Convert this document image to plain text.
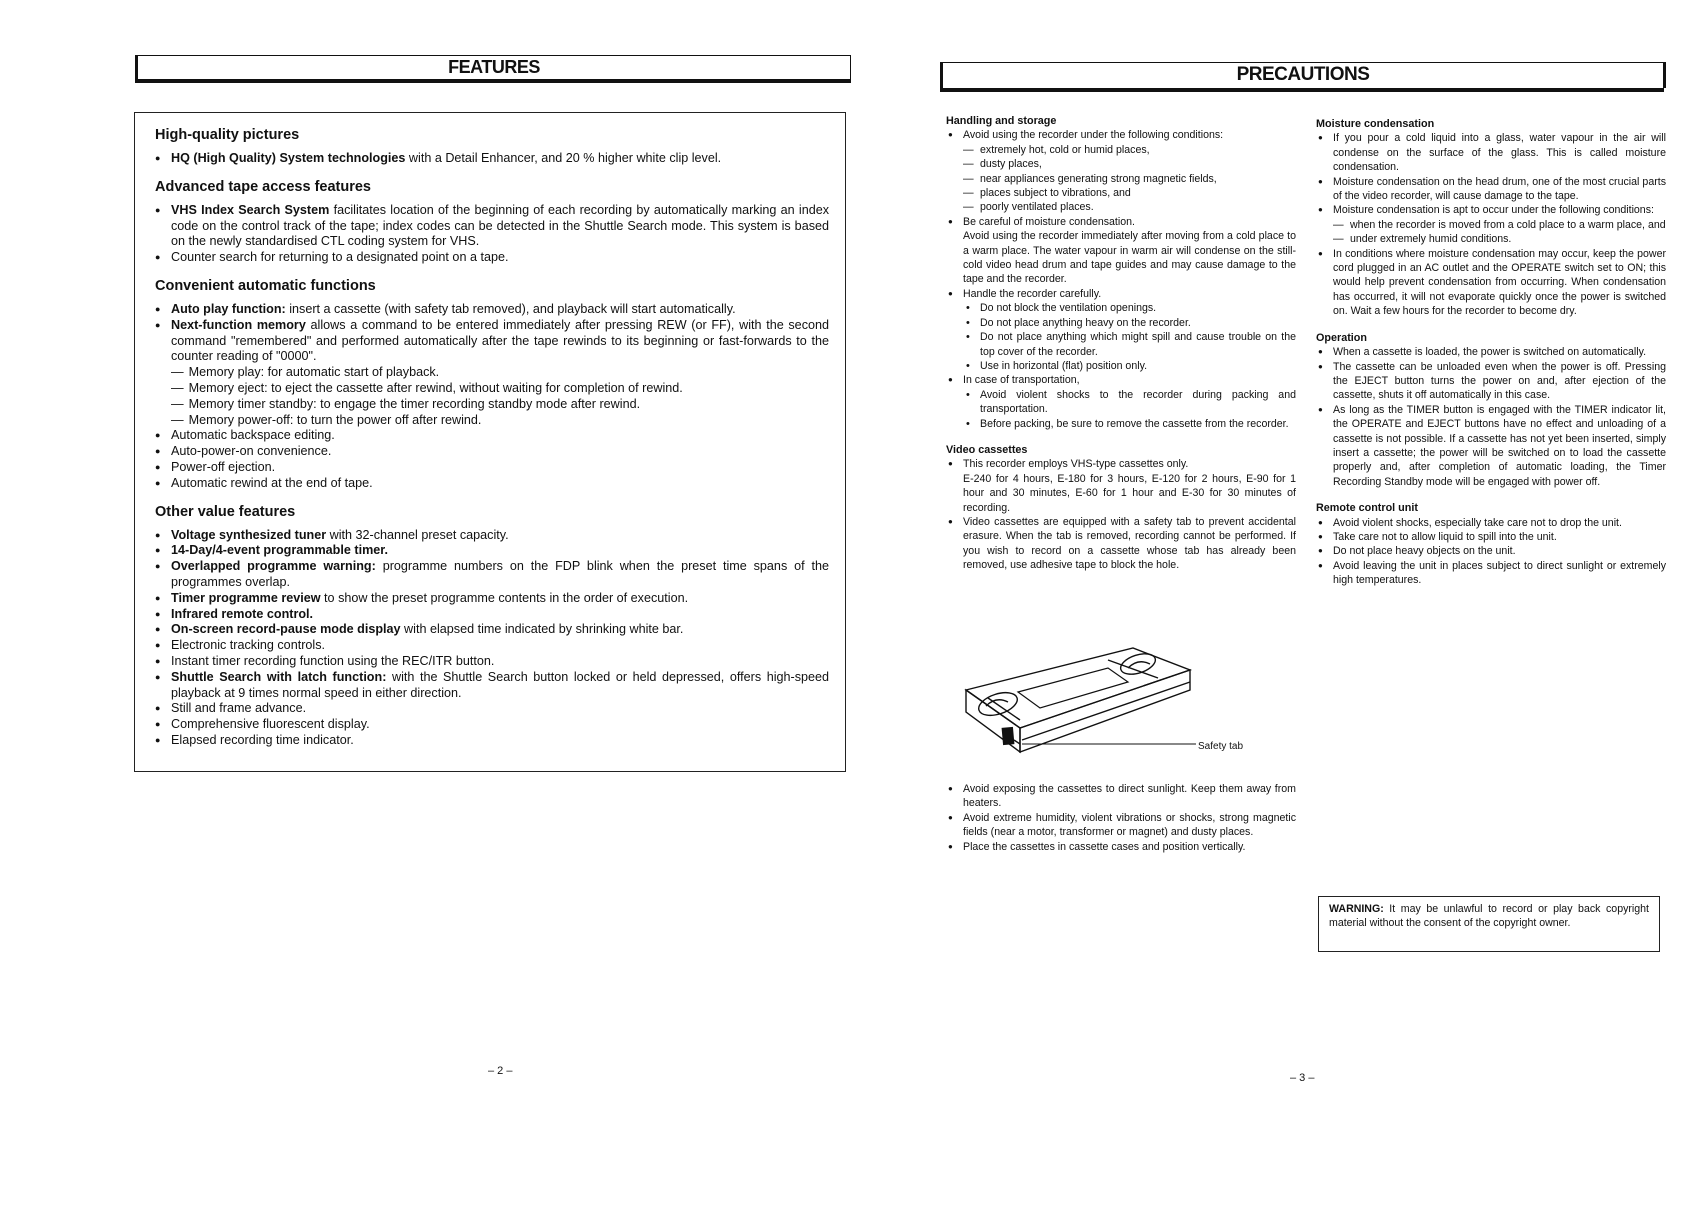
FEATURES
High-quality pictures
● HQ (High Quality) System technologies with a Detail Enhancer, and 20 % higher white clip level.
Advanced tape access features
● VHS Index Search System facilitates location of the beginning of each recording by automatically marking an index code on the control track of the tape; index codes can be detected in the Shuttle Search mode. This system is based on the newly standardised CTL coding system for VHS.
● Counter search for returning to a designated point on a tape.
Convenient automatic functions
● Auto play function: insert a cassette (with safety tab removed), and playback will start automatically.
● Next-function memory allows a command to be entered immediately after pressing REW (or FF), with the second command "remembered" and performed automatically after the tape rewinds to its beginning or fast-forwards to the counter reading of "0000".
— Memory play: for automatic start of playback.
— Memory eject: to eject the cassette after rewind, without waiting for completion of rewind.
— Memory timer standby: to engage the timer recording standby mode after rewind.
— Memory power-off: to turn the power off after rewind.
● Automatic backspace editing.
● Auto-power-on convenience.
● Power-off ejection.
● Automatic rewind at the end of tape.
Other value features
● Voltage synthesized tuner with 32-channel preset capacity.
● 14-Day/4-event programmable timer.
● Overlapped programme warning: programme numbers on the FDP blink when the preset time spans of the programmes overlap.
● Timer programme review to show the preset programme contents in the order of execution.
● Infrared remote control.
● On-screen record-pause mode display with elapsed time indicated by shrinking white bar.
● Electronic tracking controls.
● Instant timer recording function using the REC/ITR button.
● Shuttle Search with latch function: with the Shuttle Search button locked or held depressed, offers high-speed playback at 9 times normal speed in either direction.
● Still and frame advance.
● Comprehensive fluorescent display.
● Elapsed recording time indicator.
– 2 –
PRECAUTIONS
Handling and storage
● Avoid using the recorder under the following conditions:
— extremely hot, cold or humid places,
— dusty places,
— near appliances generating strong magnetic fields,
— places subject to vibrations, and
— poorly ventilated places.
● Be careful of moisture condensation.
Avoid using the recorder immediately after moving from a cold place to a warm place. The water vapour in warm air will condense on the still-cold video head drum and tape guides and may cause damage to the tape and the recorder.
● Handle the recorder carefully.
• Do not block the ventilation openings.
• Do not place anything heavy on the recorder.
• Do not place anything which might spill and cause trouble on the top cover of the recorder.
• Use in horizontal (flat) position only.
● In case of transportation,
• Avoid violent shocks to the recorder during packing and transportation.
• Before packing, be sure to remove the cassette from the recorder.
Video cassettes
● This recorder employs VHS-type cassettes only.
E-240 for 4 hours, E-180 for 3 hours, E-120 for 2 hours, E-90 for 1 hour and 30 minutes, E-60 for 1 hour and E-30 for 30 minutes of recording.
● Video cassettes are equipped with a safety tab to prevent accidental erasure. When the tab is removed, recording cannot be performed. If you wish to record on a cassette whose tab has already been removed, use adhesive tape to block the hole.
Safety tab
● Avoid exposing the cassettes to direct sunlight. Keep them away from heaters.
● Avoid extreme humidity, violent vibrations or shocks, strong magnetic fields (near a motor, transformer or magnet) and dusty places.
● Place the cassettes in cassette cases and position vertically.
Moisture condensation
● If you pour a cold liquid into a glass, water vapour in the air will condense on the surface of the glass. This is called moisture condensation.
● Moisture condensation on the head drum, one of the most crucial parts of the video recorder, will cause damage to the tape.
● Moisture condensation is apt to occur under the following conditions:
— when the recorder is moved from a cold place to a warm place, and
— under extremely humid conditions.
● In conditions where moisture condensation may occur, keep the power cord plugged in an AC outlet and the OPERATE switch set to ON; this would help prevent condensation from occurring. When condensation has occurred, it will not evaporate quickly once the power is switched on. Wait a few hours for the recorder to become dry.
Operation
● When a cassette is loaded, the power is switched on automatically.
● The cassette can be unloaded even when the power is off. Pressing the EJECT button turns the power on and, after ejection of the cassette, shuts it off automatically in this case.
● As long as the TIMER button is engaged with the TIMER indicator lit, the OPERATE and EJECT buttons have no effect and unloading of a cassette is not possible. If a cassette has not yet been inserted, simply insert a cassette; the power will be switched on to load the cassette properly and, after completion of automatic loading, the Timer Recording Standby mode will be engaged with power off.
Remote control unit
● Avoid violent shocks, especially take care not to drop the unit.
● Take care not to allow liquid to spill into the unit.
● Do not place heavy objects on the unit.
● Avoid leaving the unit in places subject to direct sunlight or extremely high temperatures.
WARNING: It may be unlawful to record or play back copyright material without the consent of the copyright owner.
– 3 –
